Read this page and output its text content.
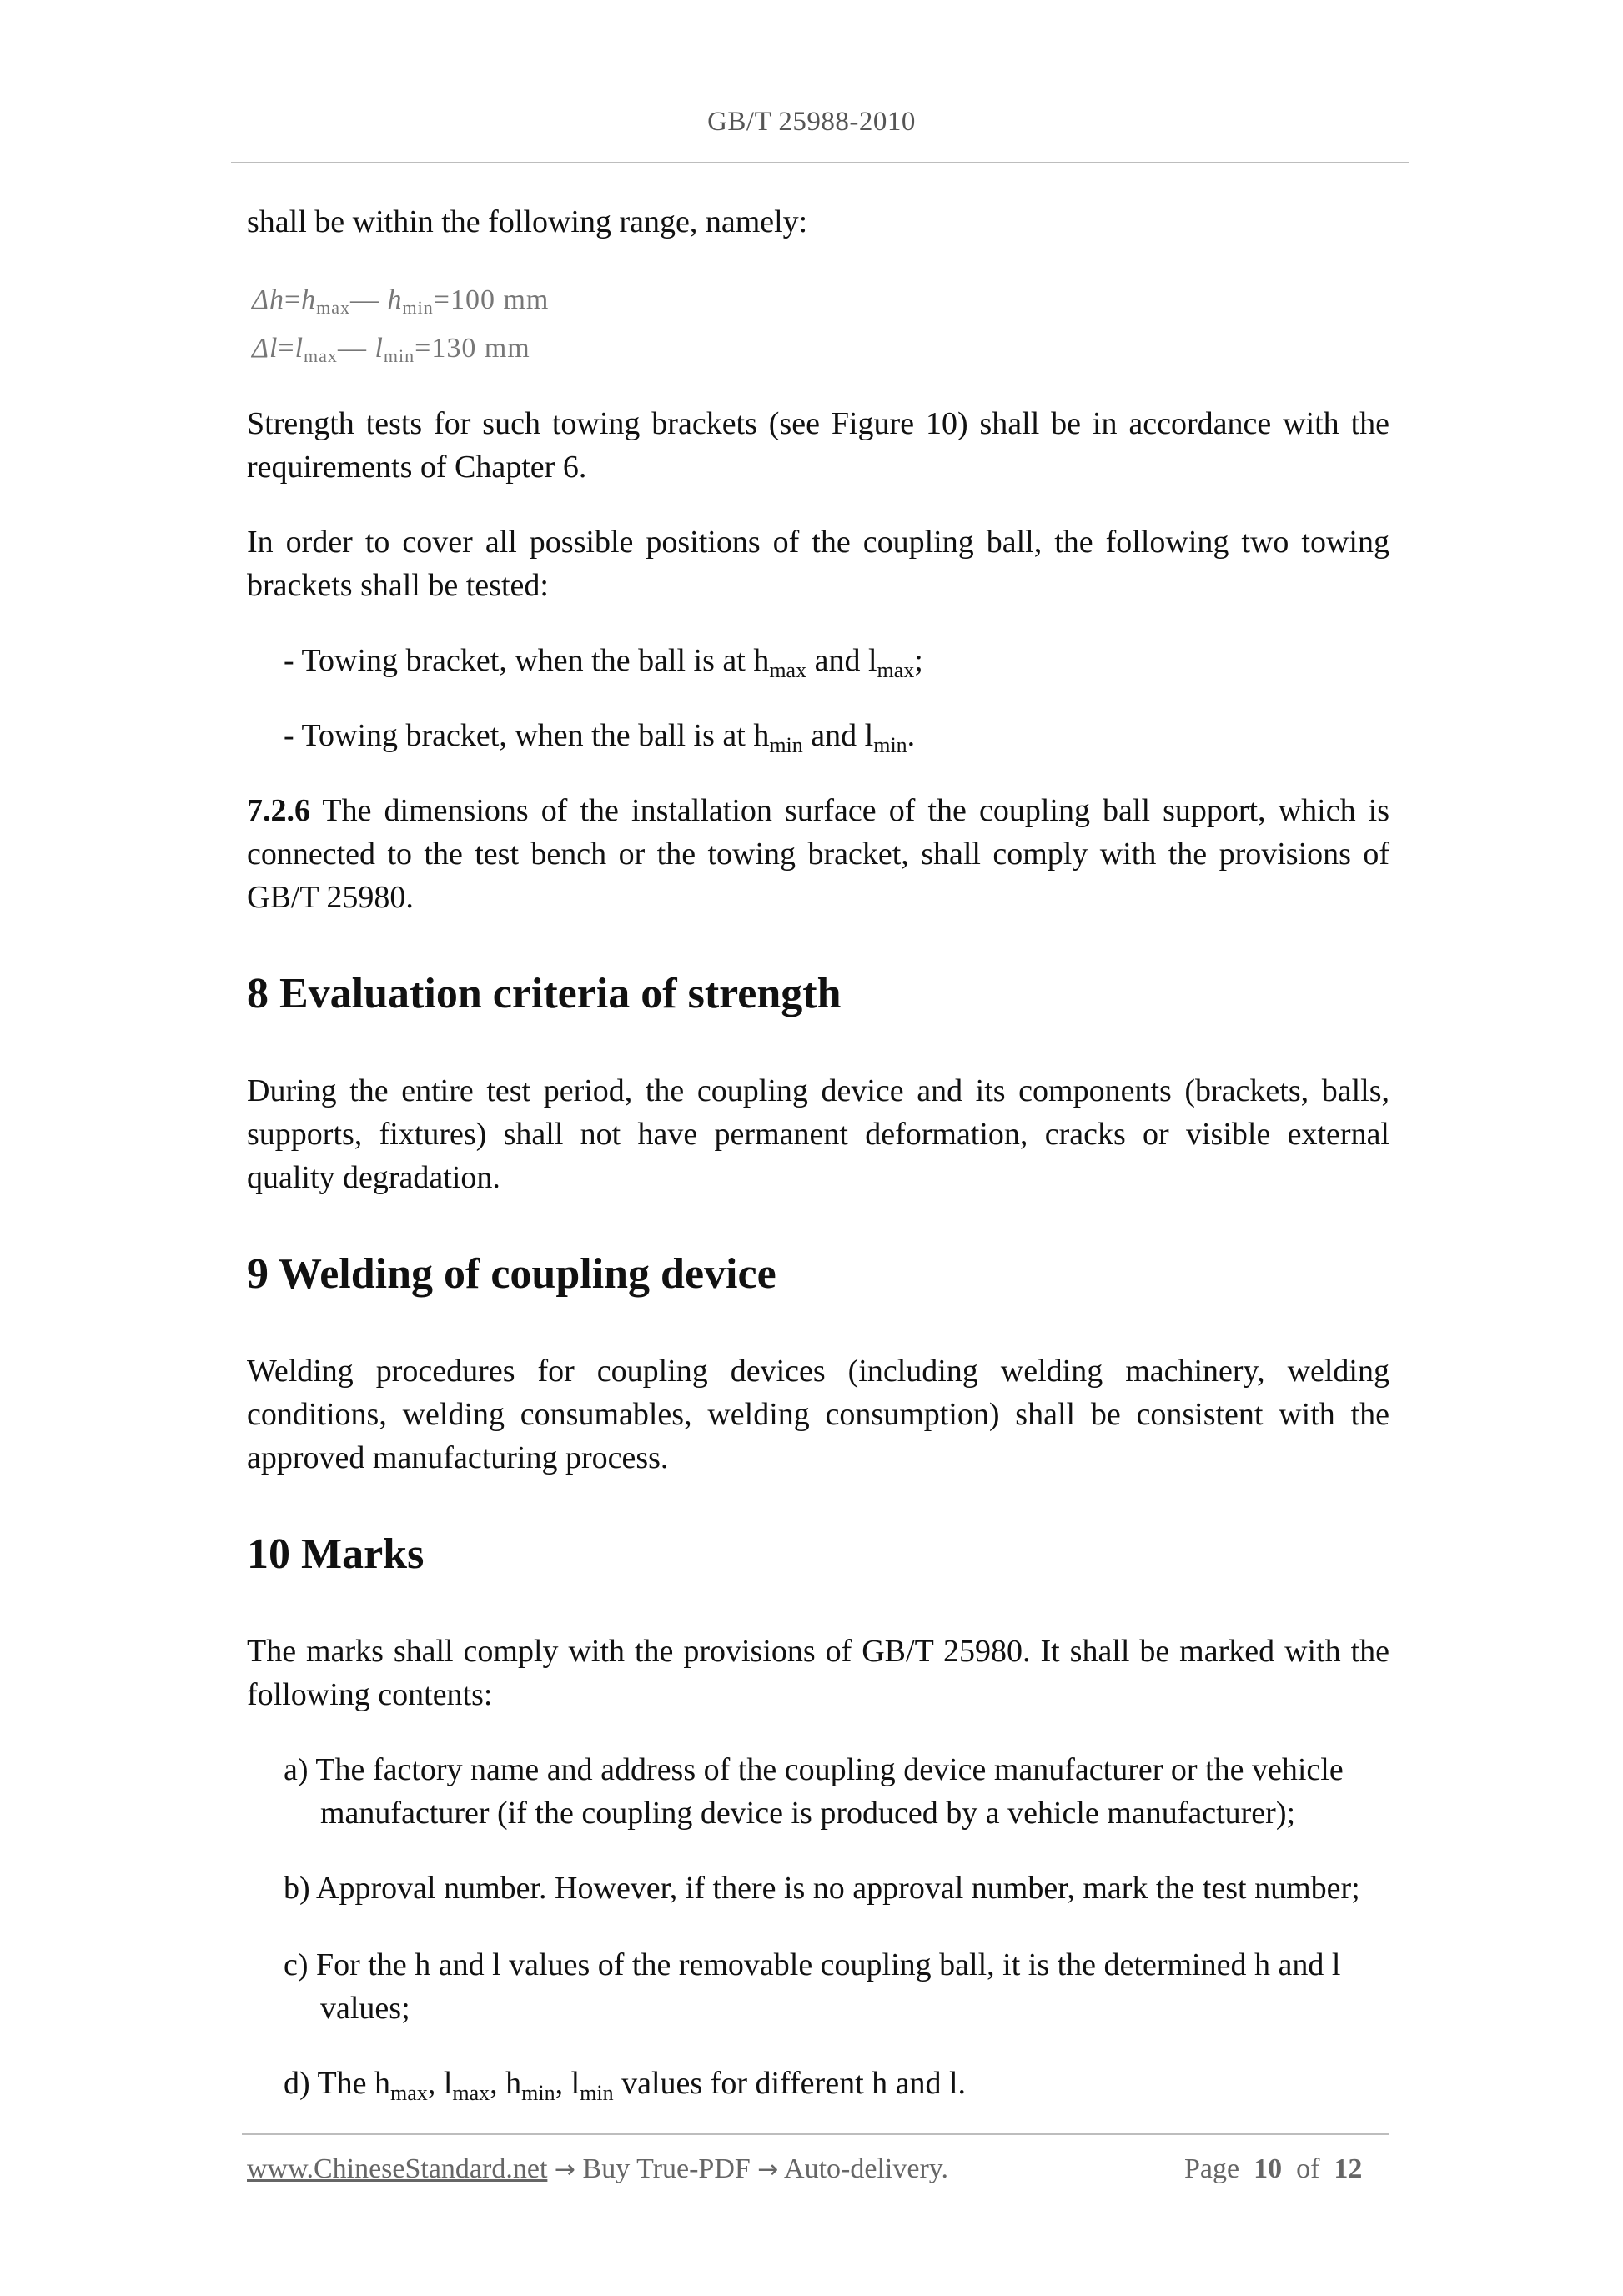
GB/T 25988-2010
shall be within the following range, namely:
$\Delta h=h_{max}—$ $h_{min}=100$ mm
$\Delta l=l_{max}—$ $l_{min}=130$ mm
Strength tests for such towing brackets (see Figure 10) shall be in accordance with the requirements of Chapter 6.
In order to cover all possible positions of the coupling ball, the following two towing brackets shall be tested:
- Towing bracket, when the ball is at $h_{max}$ and $l_{max}$;
- Towing bracket, when the ball is at $h_{min}$ and $l_{min}$.
7.2.6 The dimensions of the installation surface of the coupling ball support, which is connected to the test bench or the towing bracket, shall comply with the provisions of GB/T 25980.
8 Evaluation criteria of strength
During the entire test period, the coupling device and its components (brackets, balls, supports, fixtures) shall not have permanent deformation, cracks or visible external quality degradation.
9 Welding of coupling device
Welding procedures for coupling devices (including welding machinery, welding conditions, welding consumables, welding consumption) shall be consistent with the approved manufacturing process.
10 Marks
The marks shall comply with the provisions of GB/T 25980. It shall be marked with the following contents:
a) The factory name and address of the coupling device manufacturer or the vehicle manufacturer (if the coupling device is produced by a vehicle manufacturer);
b) Approval number. However, if there is no approval number, mark the test number;
c) For the h and l values of the removable coupling ball, it is the determined h and l values;
d) The $h_{max}$, $l_{max}$, $h_{min}$, $l_{min}$ values for different h and l.
www.ChineseStandard.net → Buy True-PDF → Auto-delivery.	Page 10 of 12
